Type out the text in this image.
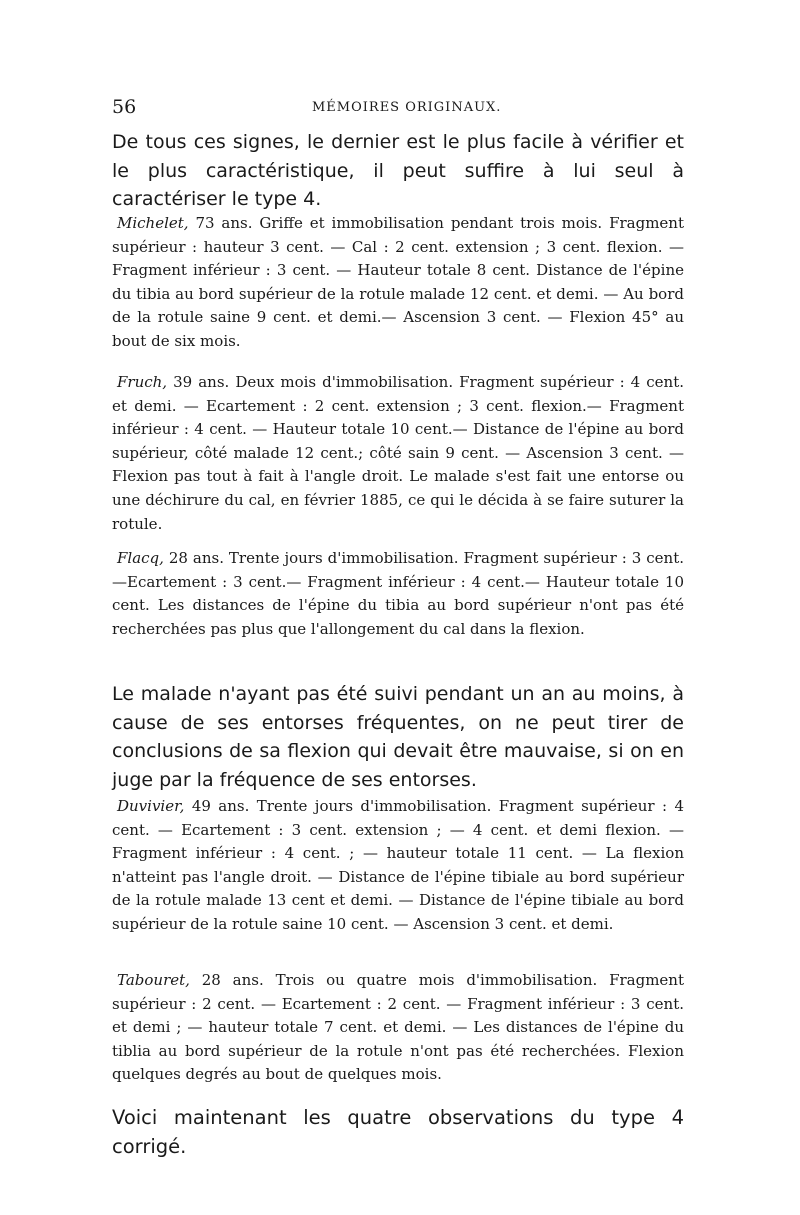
56	MÉMOIRES ORIGINAUX.

De tous ces signes, le dernier est le plus facile à vérifier et le plus caractéristique, il peut suffire à lui seul à caractériser le type 4.

Michelet, 73 ans. Griffe et immobilisation pendant trois mois. Fragment supérieur : hauteur 3 cent. — Cal : 2 cent. extension ; 3 cent. flexion. — Fragment inférieur : 3 cent. — Hauteur totale 8 cent. Distance de l'épine du tibia au bord supérieur de la rotule malade 12 cent. et demi. — Au bord de la rotule saine 9 cent. et demi.— Ascension 3 cent. — Flexion 45° au bout de six mois.

Fruch, 39 ans. Deux mois d'immobilisation. Fragment supérieur : 4 cent. et demi. — Ecartement : 2 cent. extension ; 3 cent. flexion.— Fragment inférieur : 4 cent. — Hauteur totale 10 cent.— Distance de l'épine au bord supérieur, côté malade 12 cent.; côté sain 9 cent. — Ascension 3 cent. — Flexion pas tout à fait à l'angle droit. Le malade s'est fait une entorse ou une déchirure du cal, en février 1885, ce qui le décida à se faire suturer la rotule.

Flacq, 28 ans. Trente jours d'immobilisation. Fragment supérieur : 3 cent.—Ecartement : 3 cent.— Fragment inférieur : 4 cent.— Hauteur totale 10 cent. Les distances de l'épine du tibia au bord supérieur n'ont pas été recherchées pas plus que l'allongement du cal dans la flexion.

Le malade n'ayant pas été suivi pendant un an au moins, à cause de ses entorses fréquentes, on ne peut tirer de conclusions de sa flexion qui devait être mauvaise, si on en juge par la fréquence de ses entorses.

Duvivier, 49 ans. Trente jours d'immobilisation. Fragment supérieur : 4 cent. — Ecartement : 3 cent. extension ; — 4 cent. et demi flexion. — Fragment inférieur : 4 cent. ; — hauteur totale 11 cent. — La flexion n'atteint pas l'angle droit. — Distance de l'épine tibiale au bord supérieur de la rotule malade 13 cent et demi. — Distance de l'épine tibiale au bord supérieur de la rotule saine 10 cent. — Ascension 3 cent. et demi.

Tabouret, 28 ans. Trois ou quatre mois d'immobilisation. Fragment supérieur : 2 cent. — Ecartement : 2 cent. — Fragment inférieur : 3 cent. et demi ; — hauteur totale 7 cent. et demi. — Les distances de l'épine du tiblia au bord supérieur de la rotule n'ont pas été recherchées. Flexion quelques degrés au bout de quelques mois.

Voici maintenant les quatre observations du type 4 corrigé.
